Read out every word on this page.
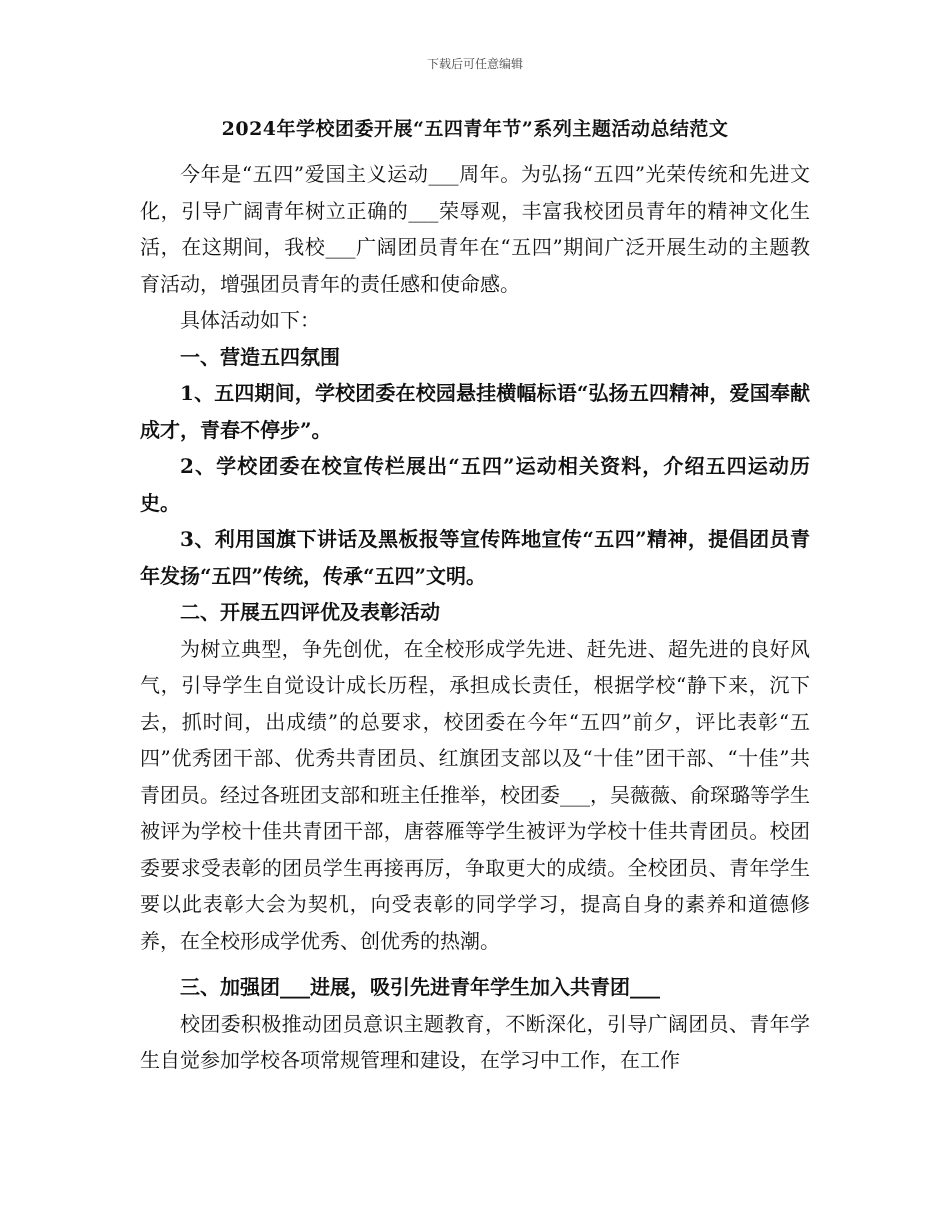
下载后可任意编辑
2024年学校团委开展“五四青年节”系列主题活动总结范文

今年是“五四”爱国主义运动___周年。为弘扬“五四”光荣传统和先进文化，引导广阔青年树立正确的___荣辱观，丰富我校团员青年的精神文化生活，在这期间，我校___广阔团员青年在“五四”期间广泛开展生动的主题教育活动，增强团员青年的责任感和使命感。

具体活动如下：

一、营造五四氛围

1、五四期间，学校团委在校园悬挂横幅标语“弘扬五四精神，爱国奉献成才，青春不停步”。

2、学校团委在校宣传栏展出“五四”运动相关资料，介绍五四运动历史。

3、利用国旗下讲话及黑板报等宣传阵地宣传“五四”精神，提倡团员青年发扬“五四”传统，传承“五四”文明。

二、开展五四评优及表彰活动

为树立典型，争先创优，在全校形成学先进、赶先进、超先进的良好风气，引导学生自觉设计成长历程，承担成长责任，根据学校“静下来，沉下去，抓时间，出成绩”的总要求，校团委在今年“五四”前夕，评比表彰“五四”优秀团干部、优秀共青团员、红旗团支部以及“十佳”团干部、“十佳”共青团员。经过各班团支部和班主任推举，校团委___，吴薇薇、俞琛璐等学生被评为学校十佳共青团干部，唐蓉雁等学生被评为学校十佳共青团员。校团委要求受表彰的团员学生再接再厉，争取更大的成绩。全校团员、青年学生要以此表彰大会为契机，向受表彰的同学学习，提高自身的素养和道德修养，在全校形成学优秀、创优秀的热潮。

三、加强团___进展，吸引先进青年学生加入共青团___

校团委积极推动团员意识主题教育，不断深化，引导广阔团员、青年学生自觉参加学校各项常规管理和建设，在学习中工作，在工作
